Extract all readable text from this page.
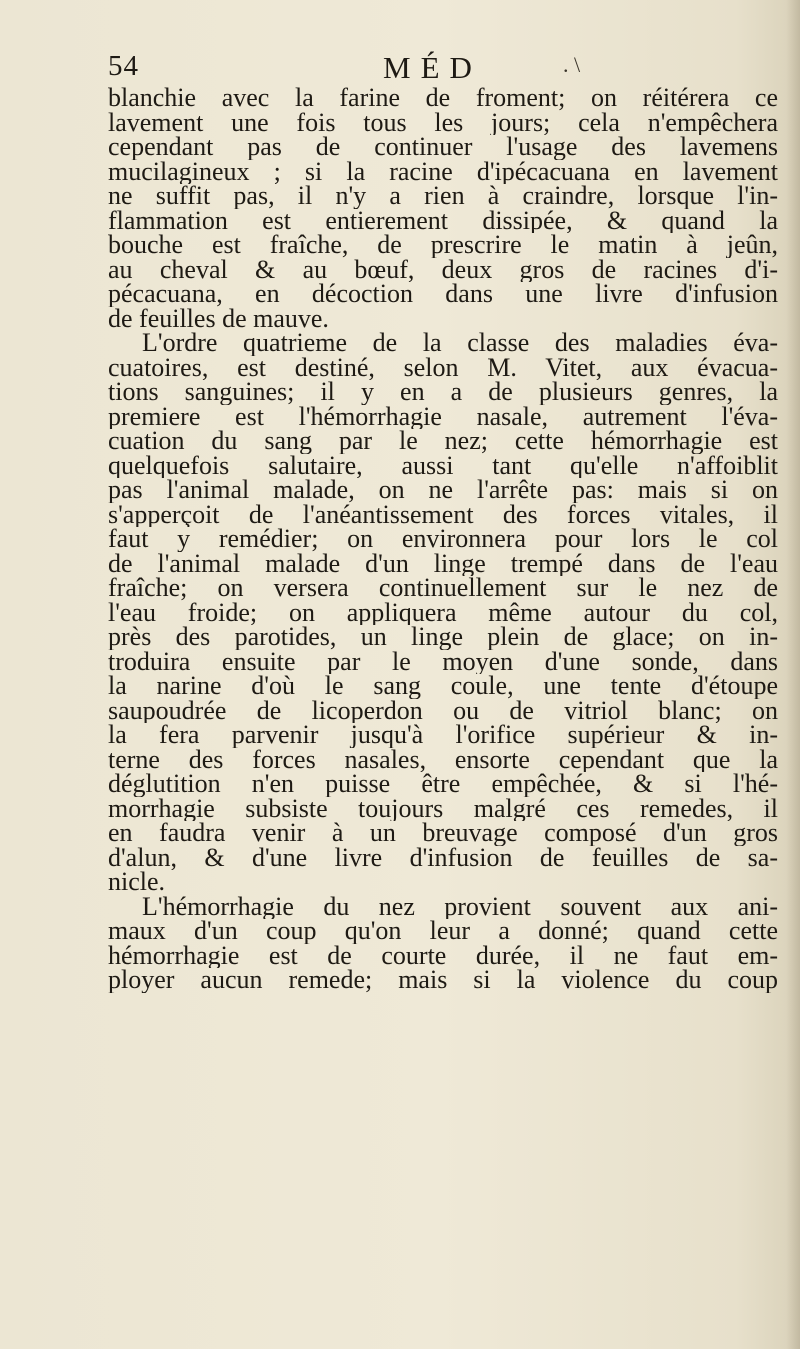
54	MÉD	. \
blanchie avec la farine de froment; on réitérera ce
lavement une fois tous les jours; cela n'empêchera
cependant pas de continuer l'usage des lavemens
mucilagineux ; si la racine d'ipécacuana en lavement
ne suffit pas, il n'y a rien à craindre, lorsque l'in-
flammation est entierement dissipée, & quand la
bouche est fraîche, de prescrire le matin à jeûn,
au cheval & au bœuf, deux gros de racines d'i-
pécacuana, en décoction dans une livre d'infusion
de feuilles de mauve.
L'ordre quatrieme de la classe des maladies éva-
cuatoires, est destiné, selon M. Vitet, aux évacua-
tions sanguines; il y en a de plusieurs genres, la
premiere est l'hémorrhagie nasale, autrement l'éva-
cuation du sang par le nez; cette hémorrhagie est
quelquefois salutaire, aussi tant qu'elle n'affoiblit
pas l'animal malade, on ne l'arrête pas: mais si on
s'apperçoit de l'anéantissement des forces vitales, il
faut y remédier; on environnera pour lors le col
de l'animal malade d'un linge trempé dans de l'eau
fraîche; on versera continuellement sur le nez de
l'eau froide; on appliquera même autour du col,
près des parotides, un linge plein de glace; on in-
troduira ensuite par le moyen d'une sonde, dans
la narine d'où le sang coule, une tente d'étoupe
saupoudrée de licoperdon ou de vitriol blanc; on
la fera parvenir jusqu'à l'orifice supérieur & in-
terne des forces nasales, ensorte cependant que la
déglutition n'en puisse être empêchée, & si l'hé-
morrhagie subsiste toujours malgré ces remedes, il
en faudra venir à un breuvage composé d'un gros
d'alun, & d'une livre d'infusion de feuilles de sa-
nicle.
L'hémorrhagie du nez provient souvent aux ani-
maux d'un coup qu'on leur a donné; quand cette
hémorrhagie est de courte durée, il ne faut em-
ployer aucun remede; mais si la violence du coup
